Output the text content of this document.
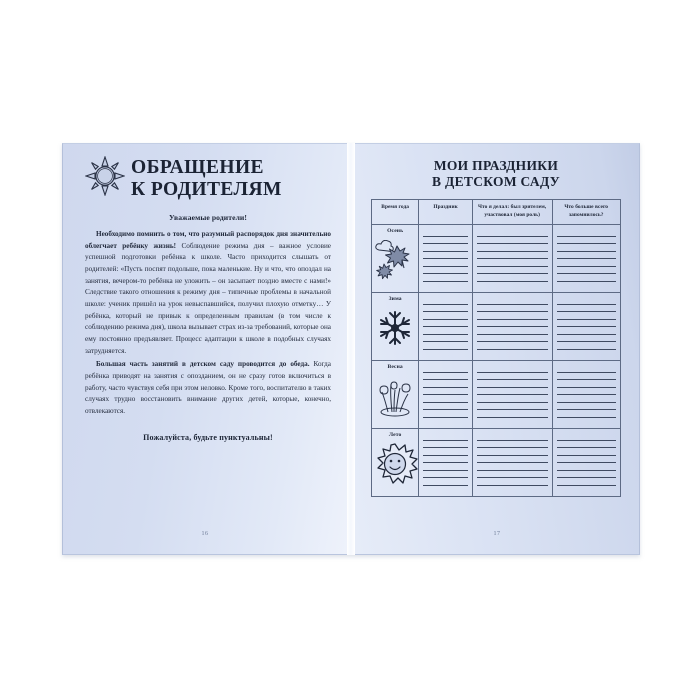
ОБРАЩЕНИЕ
К РОДИТЕЛЯМ
Уважаемые родители!

Необходимо помнить о том, что разумный распорядок дня значительно облегчает ребёнку жизнь! Соблюдение режима дня – важное условие успешной подготовки ребёнка к школе. Часто приходится слышать от родителей: «Пусть поспят подольше, пока маленькие. Ну и что, что опоздал на занятия, вечером-то ребёнка не уложить – он засыпает поздно вместе с нами!» Следствие такого отношения к режиму дня – типичные проблемы в начальной школе: ученик пришёл на урок невыспавшийся, получил плохую отметку… У ребёнка, который не привык к определенным правилам (в том числе к соблюдению режима дня), школа вызывает страх из-за требований, которые она ему постоянно предъявляет. Процесс адаптации к школе в подобных случаях затрудняется.

Большая часть занятий в детском саду проводится до обеда. Когда ребёнка приводят на занятия с опозданием, он не сразу готов включиться в работу, часто чувствуя себя при этом неловко. Кроме того, воспитателю в таких случаях трудно восстановить внимание других детей, которые, конечно, отвлекаются.

Пожалуйста, будьте пунктуальны!
16
МОИ ПРАЗДНИКИ
В ДЕТСКОМ САДУ
Время года	Праздник	Что я делал: был зрителем, участвовал (моя роль)	Что больше всего запомнилось?

Осень			

Зима			

Весна			

Лето			

17
